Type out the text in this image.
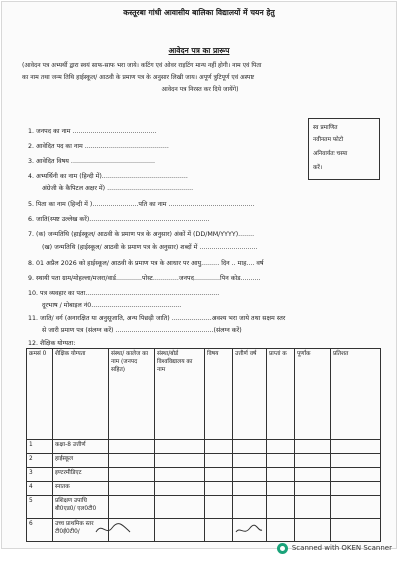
कस्तूरबा गांधी आवासीय बालिका विद्यालयों में चयन हेतु
आवेदन पत्र का प्रारूप
(आवेदन पत्र अभ्यर्थी द्वारा स्वयं साफ-साफ भरा जाये। कटिंग एवं ओवर राइटिंग मान्य नहीं होगी। नाम एवं पिता
का नाम तथा जन्म तिथि हाईस्कूल/ आठवी के प्रमाण पत्र के अनुसार लिखी जाय। अपूर्ण त्रुटिपूर्ण एवं अस्पष्ट
आवेदन पत्र निरस्त कर दिये जायेंगे)
स्व प्रमाणित
नवीनतम फोटो
अनिवार्यतः चस्पा
करें।
1. जनपद का नाम ..........................................
2. आवेदित पद का नाम ..........................................
3. आवेदित विषय ..........................................
4. अभ्यर्थिनी का नाम (हिन्दी में)...........................................
अंग्रेजी के कैपिटल अक्षर में) ...........................................
5. पिता का नाम (हिन्दी में ).......................पति का नाम ...........................................
6. जाति(स्पष्ट उल्लेख करें)............................................................
7. (क) जन्मतिथि (हाईस्कूल/ आठवी के प्रमाण पत्र के अनुसार) अंकों में (DD/MM/YYYY)........
(ख) जन्मतिथि (हाईस्कूल/ आठवी के प्रमाण पत्र के अनुसार) शब्दों में .............................
8. 01 अप्रैल 2026 को हाईस्कूल/ आठवी के प्रमाण पत्र के आधार पर आयु......... दिन .. माह.... वर्ष
9. स्थायी पता ग्राम/मोहल्ला/मजरा/वार्ड.............पोस्ट.............जनपद.............पिन कोड..........
10. पत्र व्यवहार का पता...................................................................
दूरभाष / मोबाइल नं0.............................................
11. जाति/ वर्ग (अनारक्षित या अनुसूजाति, अन्य पिछड़ी जाति) ....................अवश्य भरा जाये तथा सक्षम स्तर
से जारी प्रमाण पत्र (संलग्न करें) .................................................(संलग्न करें)
12. शैक्षिक योग्यता:
क्रमसं 0	शैक्षिक योग्यता	संस्था/ कालेज का नाम (जनपद सहित)	संस्था/बोर्ड विश्वविद्यालय का नाम	विषय	उत्तीर्ण वर्ष	प्राप्तां क	पूर्णांक	प्रतिशत
1	कक्षा-8 उत्तीर्ण							
2	हाईस्कूल							
3	इण्टरमीडिएट							
4	स्नातक							
5	प्रशिक्षण उपाधि बी0एड0/ एल0टी0							
6	उच्च प्राथमिक स्तर टी0ई0टी0/							
Scanned with OKEN Scanner
